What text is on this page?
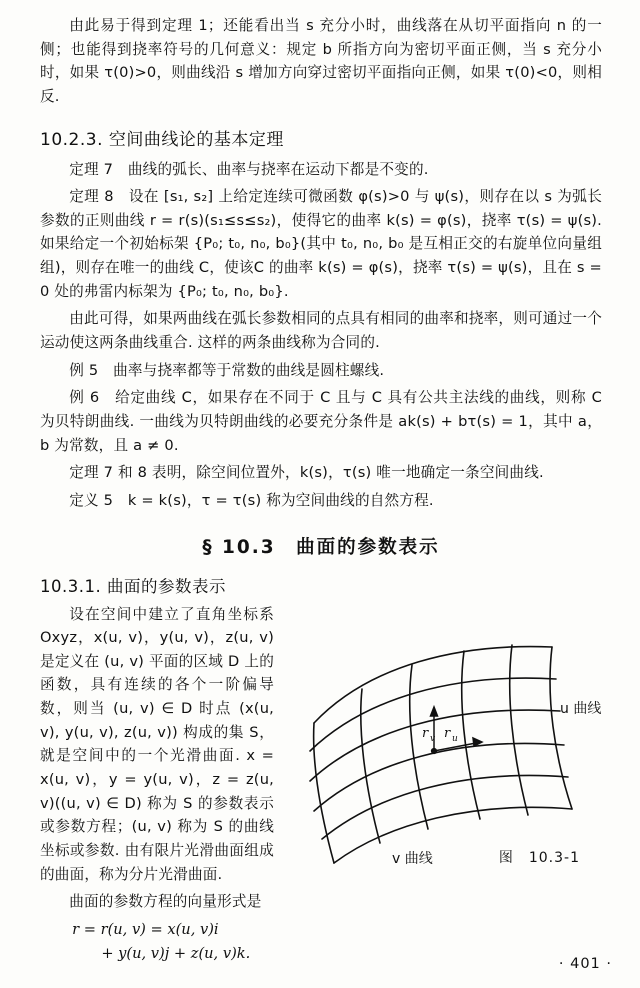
由此易于得到定理 1；还能看出当 s 充分小时，曲线落在从切平面指向 n 的一侧；也能得到挠率符号的几何意义：规定 b 所指方向为密切平面正侧，当 s 充分小时，如果 τ(0)>0，则曲线沿 s 增加方向穿过密切平面指向正侧，如果 τ(0)<0，则相反.

10.2.3. 空间曲线论的基本定理

定理 7　曲线的弧长、曲率与挠率在运动下都是不变的.

定理 8　设在 [s₁, s₂] 上给定连续可微函数 φ(s)>0 与 ψ(s)，则存在以 s 为弧长参数的正则曲线 r = r(s)(s₁≤s≤s₂)，使得它的曲率 k(s) = φ(s)，挠率 τ(s) = ψ(s). 如果给定一个初始标架 {P₀; t₀, n₀, b₀}(其中 t₀, n₀, b₀ 是互相正交的右旋单位向量组组)，则存在唯一的曲线 C，使该C 的曲率 k(s) = φ(s)，挠率 τ(s) = ψ(s)，且在 s = 0 处的弗雷内标架为 {P₀; t₀, n₀, b₀}.

由此可得，如果两曲线在弧长参数相同的点具有相同的曲率和挠率，则可通过一个运动使这两条曲线重合. 这样的两条曲线称为合同的.

例 5　曲率与挠率都等于常数的曲线是圆柱螺线.

例 6　给定曲线 C，如果存在不同于 C 且与 C 具有公共主法线的曲线，则称 C 为贝特朗曲线. 一曲线为贝特朗曲线的必要充分条件是 ak(s) + bτ(s) = 1，其中 a，b 为常数，且 a ≠ 0.

定理 7 和 8 表明，除空间位置外，k(s)，τ(s) 唯一地确定一条空间曲线.

定义 5　k = k(s)，τ = τ(s) 称为空间曲线的自然方程.

§ 10.3　曲面的参数表示
10.3.1. 曲面的参数表示
r v r u
u 曲线
v 曲线	图　10.3-1

设在空间中建立了直角坐标系 Oxyz，x(u, v)，y(u, v)，z(u, v) 是定义在 (u, v) 平面的区域 D 上的函数，具有连续的各个一阶偏导数，则当 (u, v) ∈ D 时点 (x(u, v), y(u, v), z(u, v)) 构成的集 S，就是空间中的一个光滑曲面. x = x(u, v)，y = y(u, v)，z = z(u, v)((u, v) ∈ D) 称为 S 的参数表示或参数方程；(u, v) 称为 S 的曲线坐标或参数. 由有限片光滑曲面组成的曲面，称为分片光滑曲面.

曲面的参数方程的向量形式是

r = r(u, v) = x(u, v)i
+ y(u, v)j + z(u, v)k.
· 401 ·
